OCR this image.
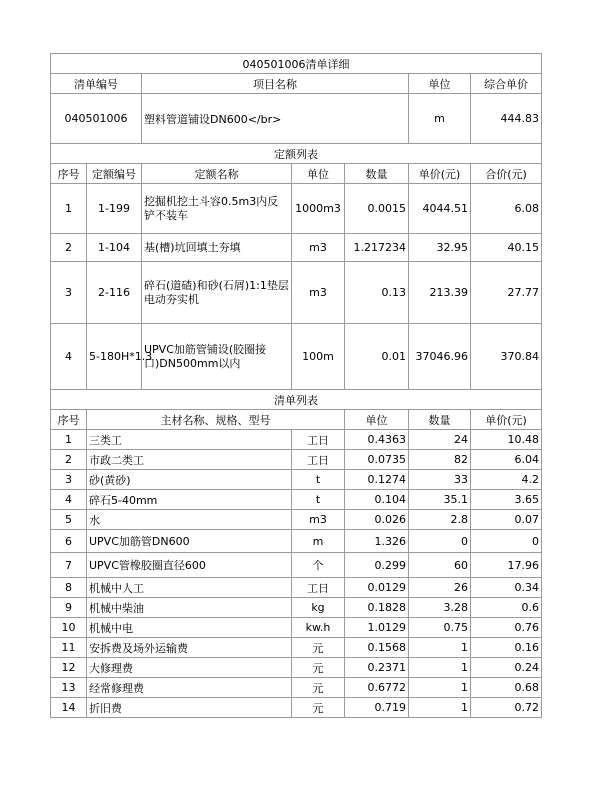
040501006清单详细							
清单编号		项目名称			单位	综合单价	
040501006		塑料管道铺设DN600</br>			m	444.83	
定额列表							
序号	定额编号	定额名称	单位	数量	单价(元)	合价(元)	
1	1-199	挖掘机挖土斗容0.5m3内反铲不装车	1000m3	0.0015	4044.51	6.08	
2	1-104	基(槽)坑回填土夯填	m3	1.217234	32.95	40.15	
3	2-116	碎石(道碴)和砂(石屑)1:1垫层电动夯实机	m3	0.13	213.39	27.77	
4	5-180H*1.3	UPVC加筋管铺设(胶圈接口)DN500mm以内	100m	0.01	37046.96	370.84	
清单列表							
序号	主材名称、规格、型号			单位	数量	单价(元)	
1	三类工		工日	0.4363	24	10.48	
2	市政二类工		工日	0.0735	82	6.04	
3	砂(黄砂)		t	0.1274	33	4.2	
4	碎石5-40mm		t	0.104	35.1	3.65	
5	水		m3	0.026	2.8	0.07	
6	UPVC加筋管DN600		m	1.326	0	0	
7	UPVC管橡胶圈直径600		个	0.299	60	17.96	
8	机械中人工		工日	0.0129	26	0.34	
9	机械中柴油		kg	0.1828	3.28	0.6	
10	机械中电		kw.h	1.0129	0.75	0.76	
11	安拆费及场外运输费		元	0.1568	1	0.16	
12	大修理费		元	0.2371	1	0.24	
13	经常修理费		元	0.6772	1	0.68	
14	折旧费		元	0.719	1	0.72	
